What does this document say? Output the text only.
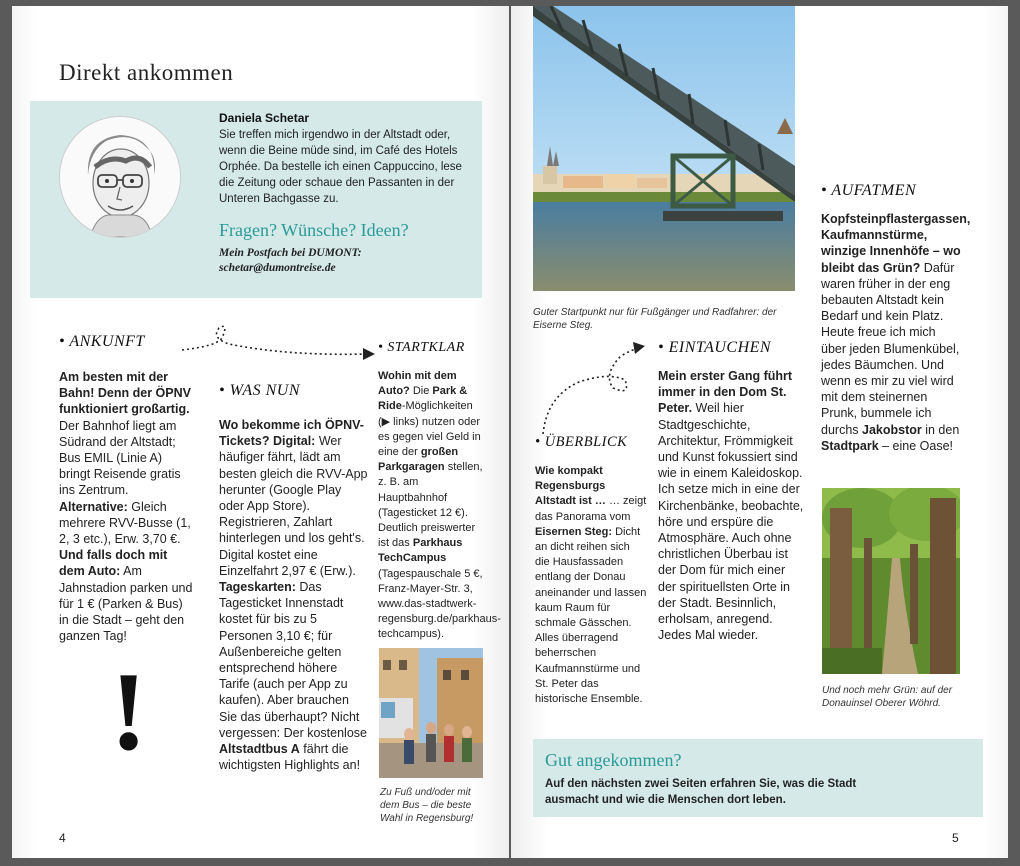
Direkt ankommen
Daniela Schetar
Sie treffen mich irgendwo in der Altstadt oder, wenn die Beine müde sind, im Café des Hotels Orphée. Da bestelle ich einen Cappuccino, lese die Zeitung oder schaue den Passanten in der Unteren Bachgasse zu.
Fragen? Wünsche? Ideen?
Mein Postfach bei DUMONT:
schetar@dumontreise.de
• ANKUNFT
Am besten mit der Bahn! Denn der ÖPNV funktioniert großartig. Der Bahnhof liegt am Südrand der Altstadt; Bus EMIL (Linie A) bringt Reisende gratis ins Zentrum. Alternative: Gleich mehrere RVV-Busse (1, 2, 3 etc.), Erw. 3,70 €. Und falls doch mit dem Auto: Am Jahnstadion parken und für 1 € (Parken & Bus) in die Stadt – geht den ganzen Tag!
!
• WAS NUN
Wo bekomme ich ÖPNV-Tickets? Digital: Wer häufiger fährt, lädt am besten gleich die RVV-App herunter (Google Play oder App Store). Registrieren, Zahlart hinterlegen und los geht's. Digital kostet eine Einzelfahrt 2,97 € (Erw.). Tageskarten: Das Tagesticket Innenstadt kostet für bis zu 5 Personen 3,10 €; für Außenbereiche gelten entsprechend höhere Tarife (auch per App zu kaufen). Aber brauchen Sie das überhaupt? Nicht vergessen: Der kostenlose Altstadtbus A fährt die wichtigsten Highlights an!
• STARTKLAR
Wohin mit dem Auto? Die Park & Ride-Möglichkeiten (▶ links) nutzen oder es gegen viel Geld in eine der großen Parkgaragen stellen, z. B. am Hauptbahnhof (Tagesticket 12 €). Deutlich preiswerter ist das Parkhaus TechCampus (Tagespauschale 5 €, Franz-Mayer-Str. 3, www.das-stadtwerk-regensburg.de/parkhaus-techcampus).
Zu Fuß und/oder mit dem Bus – die beste Wahl in Regensburg!
4
Guter Startpunkt nur für Fußgänger und Radfahrer: der Eiserne Steg.
• ÜBERBLICK
Wie kompakt Regensburgs Altstadt ist … … zeigt das Panorama vom Eisernen Steg: Dicht an dicht reihen sich die Hausfassaden entlang der Donau aneinander und lassen kaum Raum für schmale Gässchen. Alles überragend beherrschen Kaufmannstürme und St. Peter das historische Ensemble.
• EINTAUCHEN
Mein erster Gang führt immer in den Dom St. Peter. Weil hier Stadtgeschichte, Architektur, Frömmigkeit und Kunst fokussiert sind wie in einem Kaleidoskop. Ich setze mich in eine der Kirchenbänke, beobachte, höre und erspüre die Atmosphäre. Auch ohne christlichen Überbau ist der Dom für mich einer der spirituellsten Orte in der Stadt. Besinnlich, erholsam, anregend. Jedes Mal wieder.
• AUFATMEN
Kopfsteinpflastergassen, Kaufmannstürme, winzige Innenhöfe – wo bleibt das Grün? Dafür waren früher in der eng bebauten Altstadt kein Bedarf und kein Platz. Heute freue ich mich über jeden Blumenkübel, jedes Bäumchen. Und wenn es mir zu viel wird mit dem steinernen Prunk, bummele ich durchs Jakobstor in den Stadtpark – eine Oase!
Und noch mehr Grün: auf der Donauinsel Oberer Wöhrd.
Gut angekommen?
Auf den nächsten zwei Seiten erfahren Sie, was die Stadt ausmacht und wie die Menschen dort leben.
5
